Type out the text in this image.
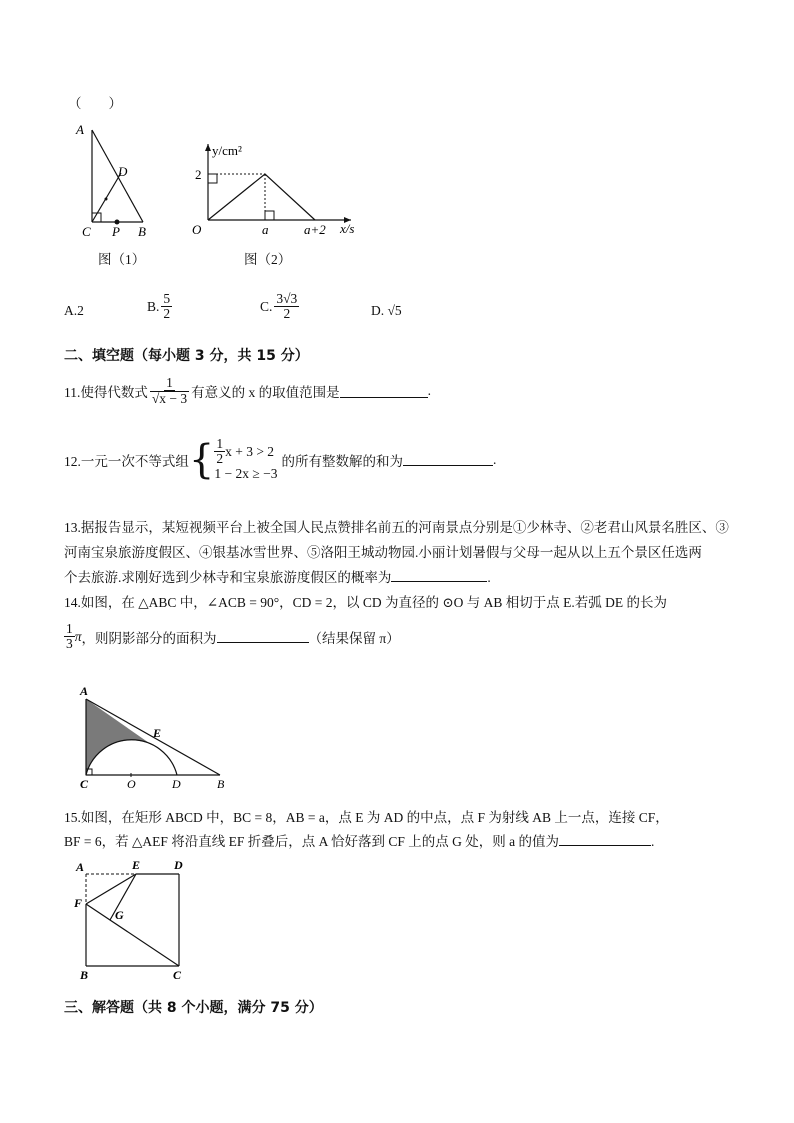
（　　）
A
D
C P B
图（1）
y/cm²
2
O	a	a+2 x/s
图（2）
A.2	B. $\frac{5}{2}$	C. $\frac{3√3}{2}$	D. √5
二、填空题（每小题 3 分，共 15 分）
11.使得代数式 $\frac{1}{√x - 3}$ 有意义的 x 的取值范围是	.
12.一元一次不等式组 { $\frac{1}{2}$ x + 3 > 2
1 − 2x ≥ −3
的所有整数解的和为	.
13.据报告显示，某短视频平台上被全国人民点赞排名前五的河南景点分别是①少林寺、②老君山风景名胜区、③
河南宝泉旅游度假区、④银基冰雪世界、⑤洛阳王城动物园.小丽计划暑假与父母一起从以上五个景区任选两
个去旅游.求刚好选到少林寺和宝泉旅游度假区的概率为	.
14.如图，在 △ABC 中，∠ACB = 90°，CD = 2，以 CD 为直径的 ⊙O 与 AB 相切于点 E.若弧 DE 的长为
$\frac{1}{3}$ π ，则阴影部分的面积为	（结果保留 π）
A
E
C	O	D	B
15.如图，在矩形 ABCD 中，BC = 8，AB = a，点 E 为 AD 的中点，点 F 为射线 AB 上一点，连接 CF，
BF = 6，若 △AEF 将沿直线 EF 折叠后，点 A 恰好落到 CF 上的点 G 处，则 a 的值为	.
A	E	D
F
G
B	C
三、解答题（共 8 个小题，满分 75 分）
